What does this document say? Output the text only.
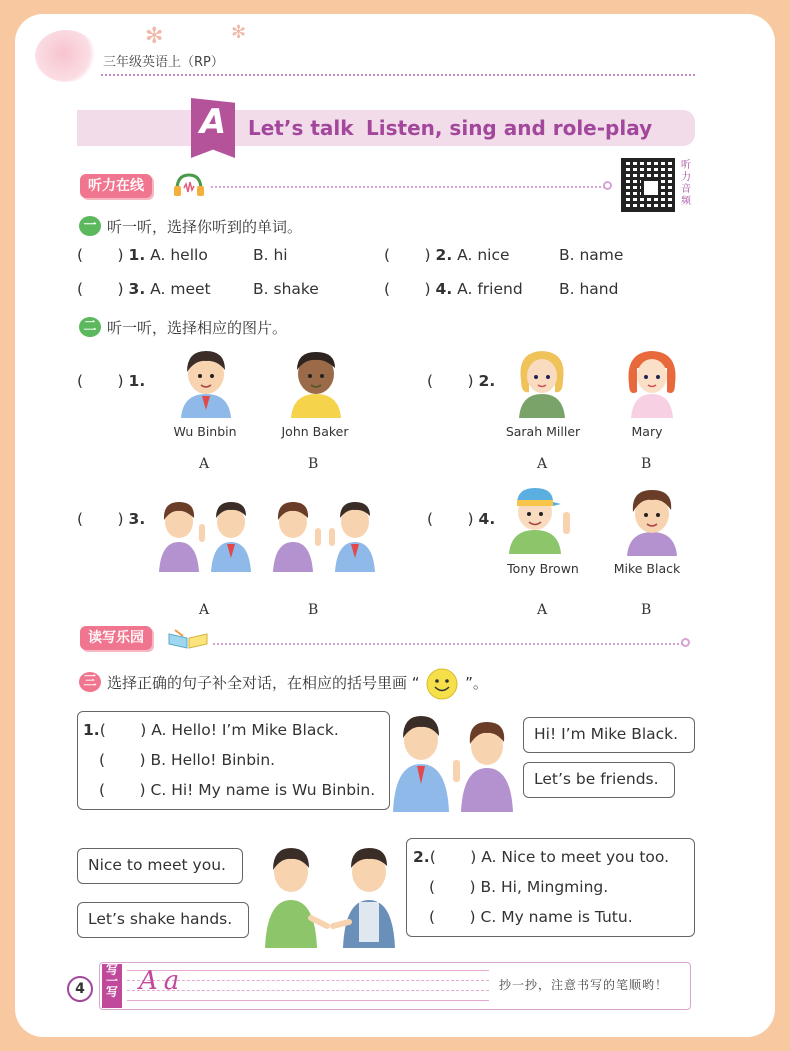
✻	✻
三年级英语上（RP）
A	Let’s talk Listen, sing and role-play
听力在线
听力音频
一 听一听，选择你听到的单词。
(       ) 1. A. hello	B. hi	(       ) 2. A. nice	B. name
(       ) 3. A. meet	B. shake	(       ) 4. A. friend B. hand
二 听一听，选择相应的图片。
(       ) 1.
Wu Binbin	John Baker
A	B
(       ) 2.
Sarah Miller	Mary
A	B
(       ) 3.
A	B
(       ) 4.
Tony Brown	Mike Black
A	B
读写乐园
三 选择正确的句子补全对话，在相应的括号里画 “	”。
1.(       ) A. Hello! I’m Mike Black.
(       ) B. Hello! Binbin.
(       ) C. Hi! My name is Wu Binbin.
Hi! I’m Mike Black.
Let’s be friends.
Nice to meet you.
Let’s shake hands.
2.(       ) A. Nice to meet you too.
(       ) B. Hi, Mingming.
(       ) C. My name is Tutu.
4
写一写 Aa	抄一抄，注意书写的笔顺哟！
